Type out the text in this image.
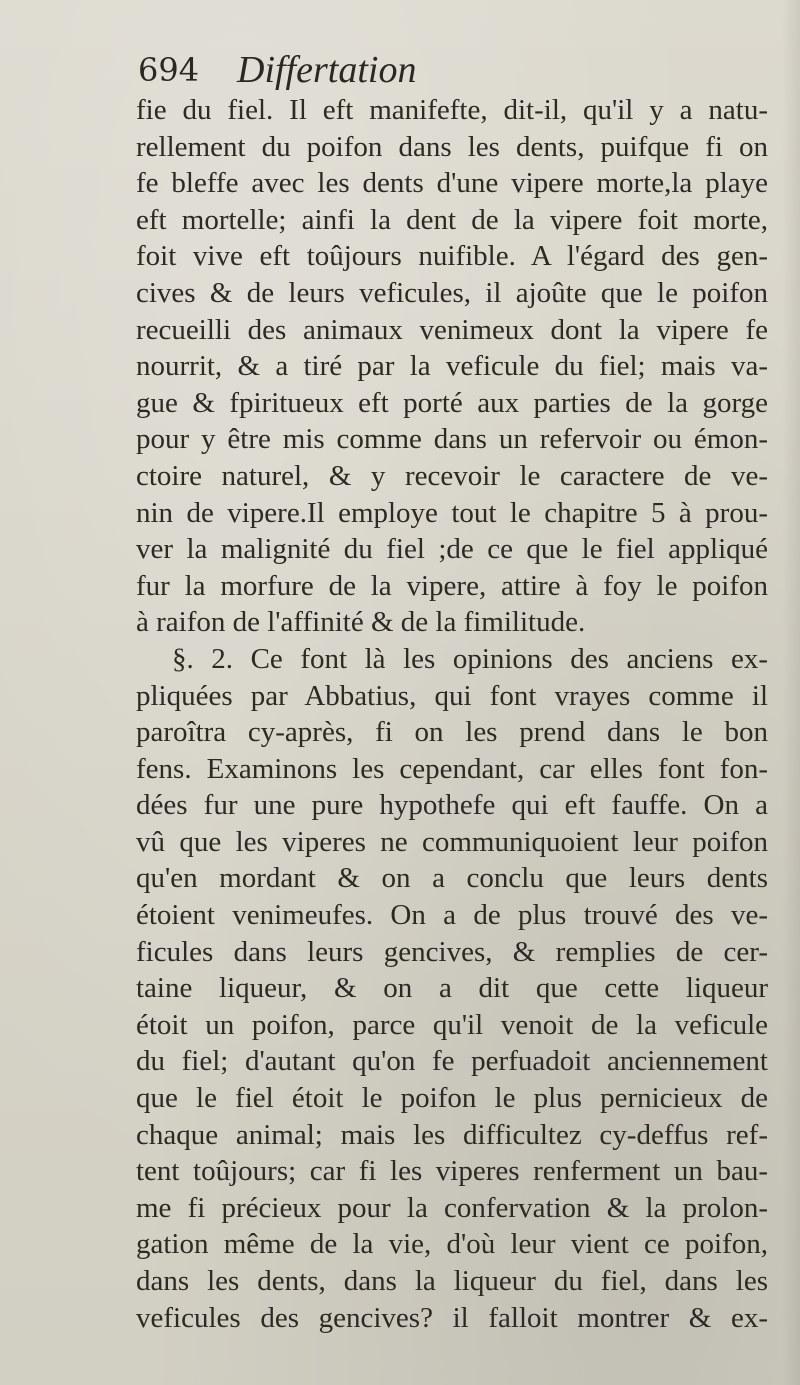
694 Differtation
fie du fiel. Il eft manifefte, dit-il, qu'il y a natu-
rellement du poifon dans les dents, puifque fi on
fe bleffe avec les dents d'une vipere morte,la playe
eft mortelle; ainfi la dent de la vipere foit morte,
foit vive eft toûjours nuifible. A l'égard des gen-
cives & de leurs veficules, il ajoûte que le poifon
recueilli des animaux venimeux dont la vipere fe
nourrit, & a tiré par la veficule du fiel; mais va-
gue & fpiritueux eft porté aux parties de la gorge
pour y être mis comme dans un refervoir ou émon-
ctoire naturel, & y recevoir le caractere de ve-
nin de vipere.Il employe tout le chapitre 5 à prou-
ver la malignité du fiel ;de ce que le fiel appliqué
fur la morfure de la vipere, attire à foy le poifon
à raifon de l'affinité & de la fimilitude.
§. 2. Ce font là les opinions des anciens ex-
pliquées par Abbatius, qui font vrayes comme il
paroîtra cy-après, fi on les prend dans le bon
fens. Examinons les cependant, car elles font fon-
dées fur une pure hypothefe qui eft fauffe. On a
vû que les viperes ne communiquoient leur poifon
qu'en mordant & on a conclu que leurs dents
étoient venimeufes. On a de plus trouvé des ve-
ficules dans leurs gencives, & remplies de cer-
taine liqueur, & on a dit que cette liqueur
étoit un poifon, parce qu'il venoit de la veficule
du fiel; d'autant qu'on fe perfuadoit anciennement
que le fiel étoit le poifon le plus pernicieux de
chaque animal; mais les difficultez cy-deffus ref-
tent toûjours; car fi les viperes renferment un bau-
me fi précieux pour la confervation & la prolon-
gation même de la vie, d'où leur vient ce poifon,
dans les dents, dans la liqueur du fiel, dans les
veficules des gencives? il falloit montrer & ex-
